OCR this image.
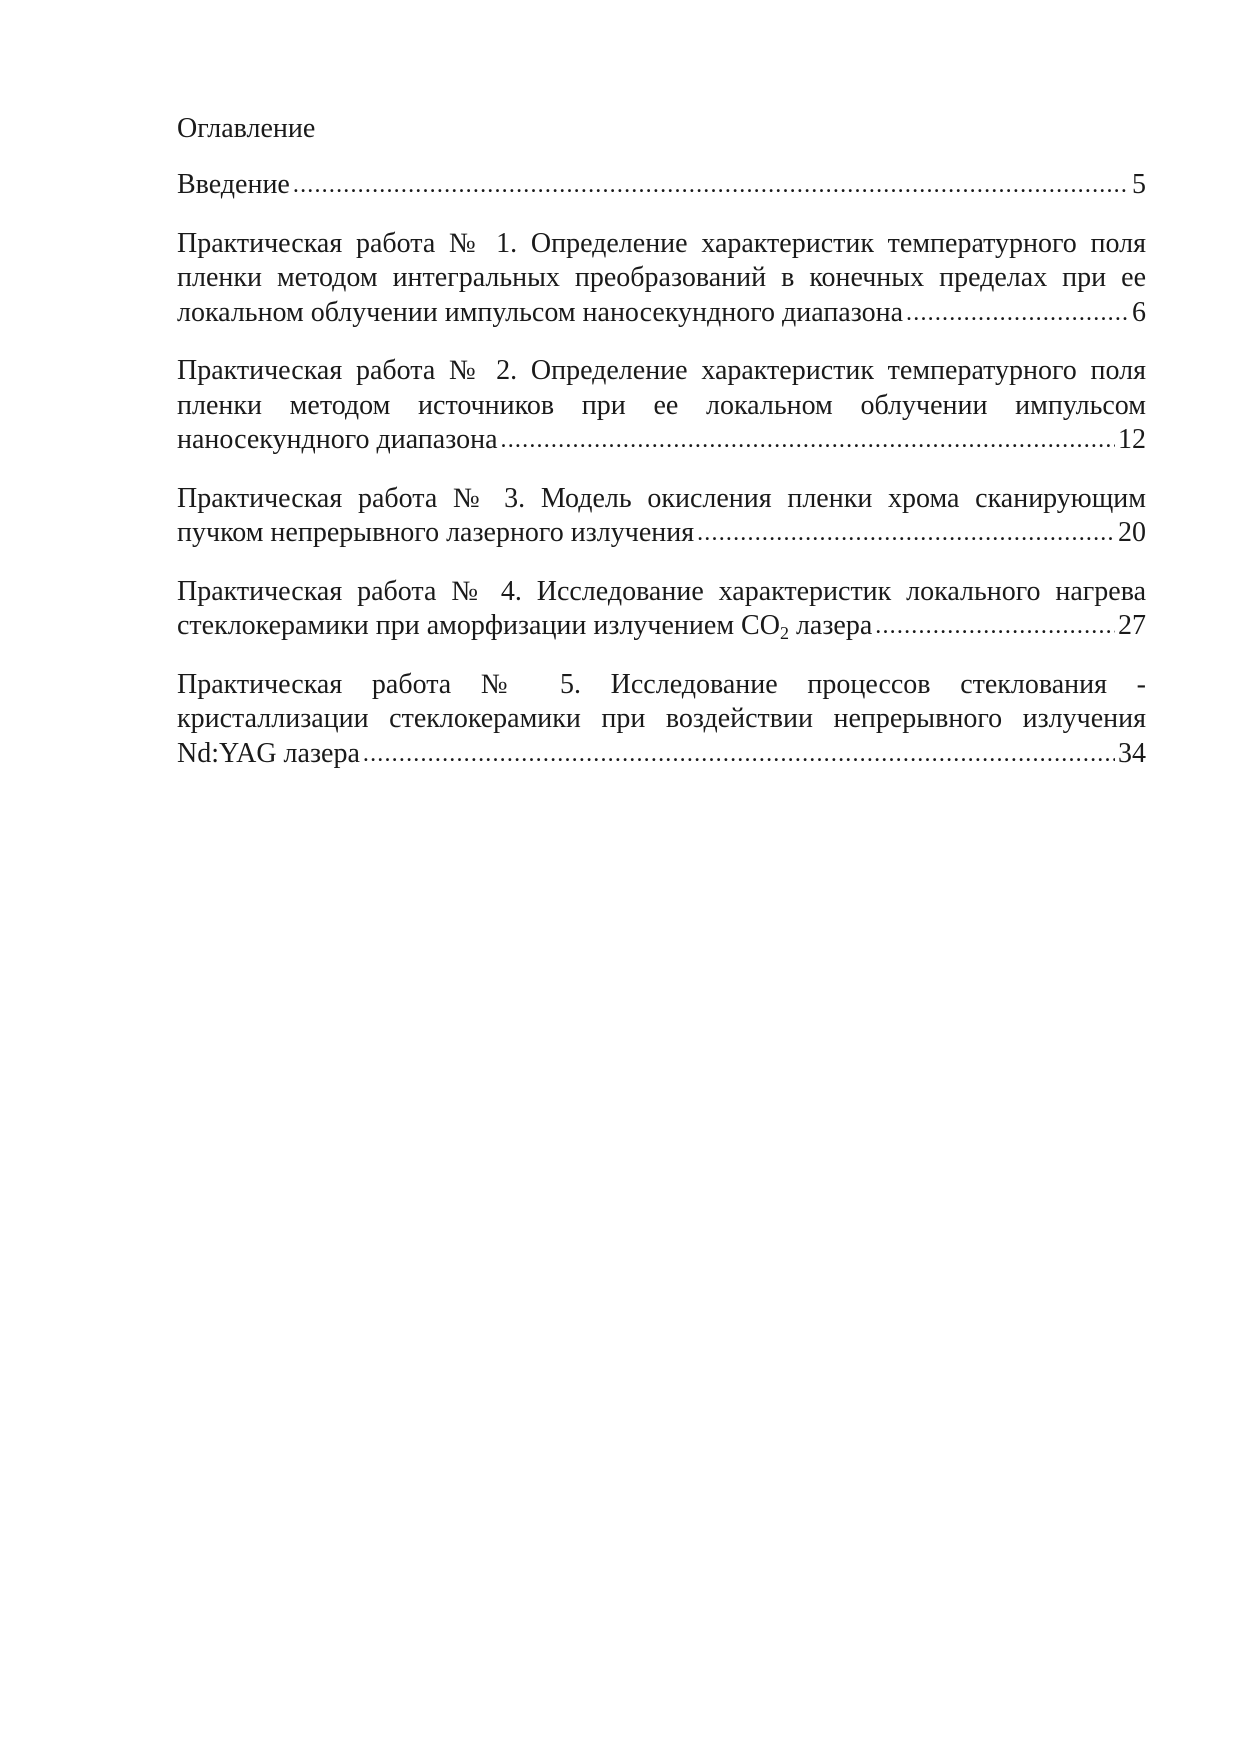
Оглавление
Введение .....	5
Практическая работа № 1. Определение характеристик температурного поля
пленки методом интегральных преобразований в конечных пределах при ее
локальном облучении импульсом наносекундного диапазона .....	6
Практическая работа № 2. Определение характеристик температурного поля
пленки методом источников при ее локальном облучении импульсом
наносекундного диапазона .....	12
Практическая работа № 3. Модель окисления пленки хрома сканирующим
пучком непрерывного лазерного излучения .....	20
Практическая работа № 4. Исследование характеристик локального нагрева
стеклокерамики при аморфизации излучением $CO_2$ лазера .....	27
Практическая работа № 5. Исследование процессов стеклования -
кристаллизации стеклокерамики при воздействии непрерывного излучения
Nd:YAG лазера .....	34
